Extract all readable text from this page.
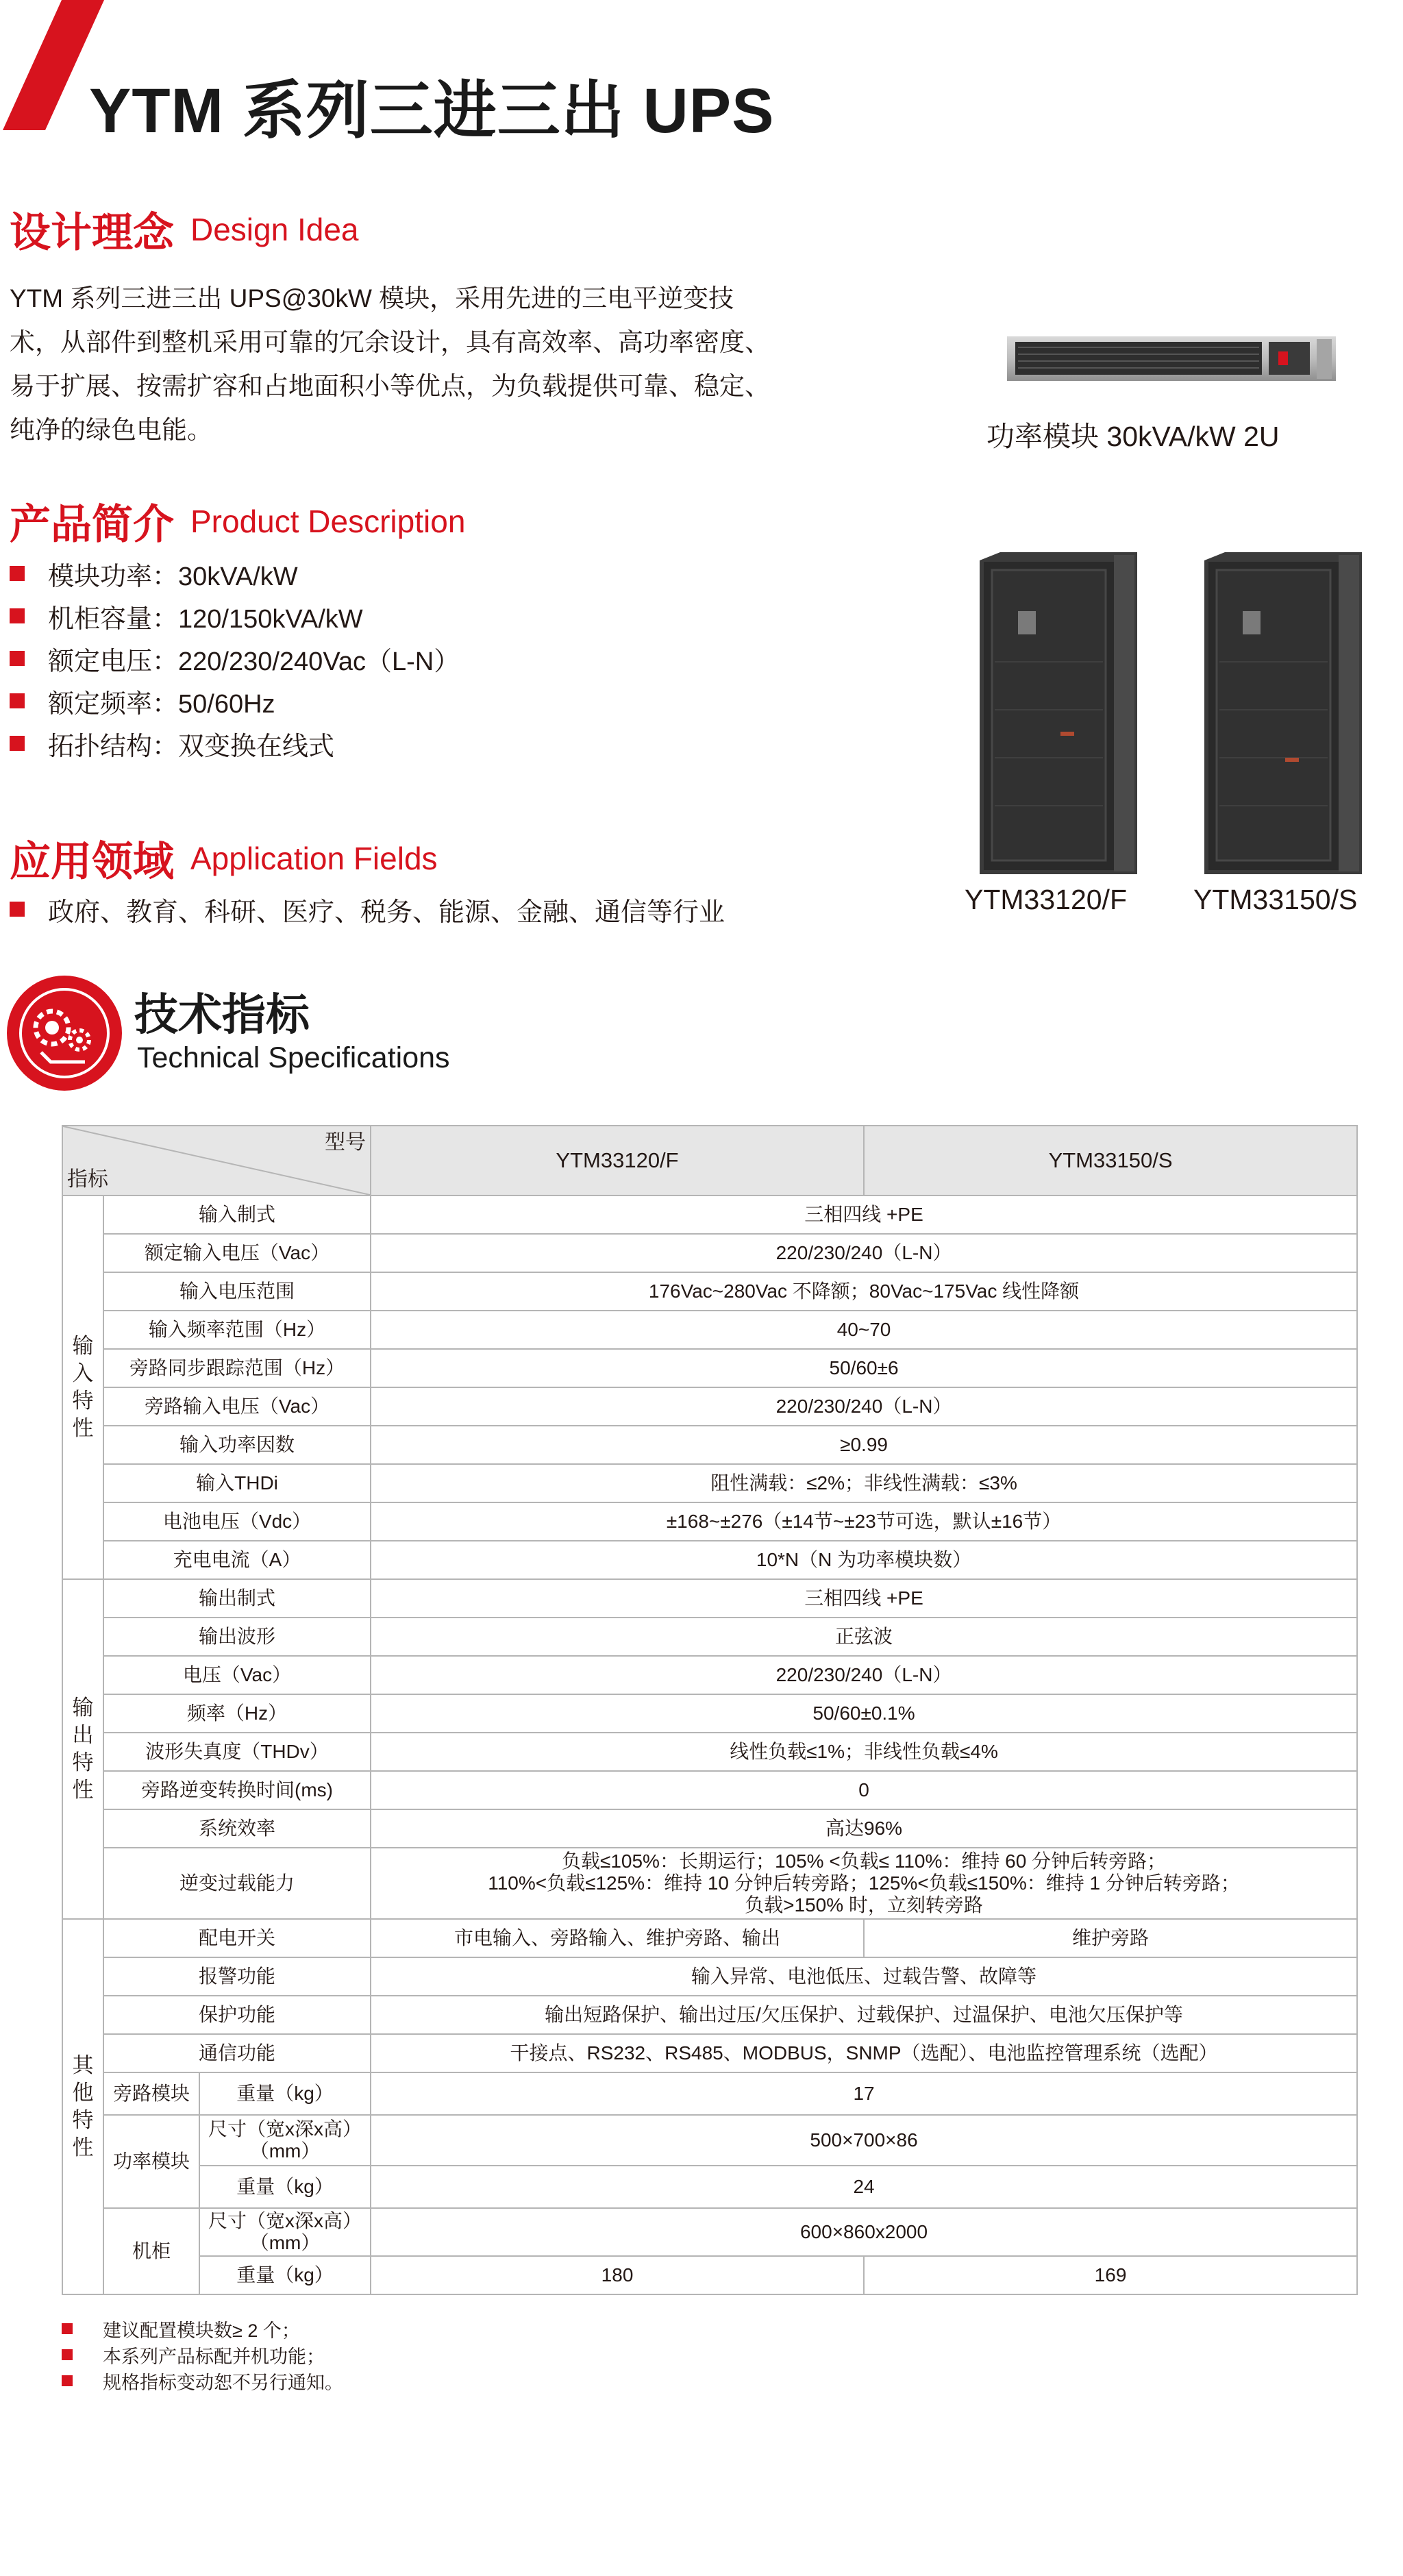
YTM 系列三进三出 UPS
设计理念 Design Idea
YTM 系列三进三出 UPS@30kW 模块，采用先进的三电平逆变技
术，从部件到整机采用可靠的冗余设计，具有高效率、高功率密度、
易于扩展、按需扩容和占地面积小等优点，为负载提供可靠、稳定、
纯净的绿色电能。
产品简介 Product Description
模块功率：30kVA/kW
机柜容量：120/150kVA/kW
额定电压：220/230/240Vac（L-N）
额定频率：50/60Hz
拓扑结构：双变换在线式
应用领域 Application Fields
政府、教育、科研、医疗、税务、能源、金融、通信等行业
功率模块 30kVA/kW 2U
YTM33120/F YTM33150/S
技术指标
Technical Specifications
型号
指标			YTM33120/F	YTM33150/S

输
入
特
性	输入制式		三相四线 +PE	
	额定输入电压（Vac）		220/230/240（L-N）	
	输入电压范围		176Vac~280Vac 不降额；80Vac~175Vac 线性降额	
	输入频率范围（Hz）		40~70	
	旁路同步跟踪范围（Hz）		50/60±6	
	旁路输入电压（Vac）		220/230/240（L-N）	
	输入功率因数		≥0.99	
	输入THDi		阻性满载：≤2%；非线性满载：≤3%	
	电池电压（Vdc）		±168~±276（±14节~±23节可选，默认±16节）	
	充电电流（A）		10*N（N 为功率模块数）	

输
出
特
性	输出制式		三相四线 +PE	
	输出波形		正弦波	
	电压（Vac）		220/230/240（L-N）	
	频率（Hz）		50/60±0.1%	
	波形失真度（THDv）		线性负载≤1%；非线性负载≤4%	
	旁路逆变转换时间(ms)		0	
	系统效率		高达96%	
	逆变过载能力		负载≤105%：长期运行；105% <负载≤ 110%：维持 60 分钟后转旁路；
110%<负载≤125%：维持 10 分钟后转旁路；125%<负载≤150%：维持 1 分钟后转旁路；
负载>150% 时，立刻转旁路	

其
他
特
性	配电开关		市电输入、旁路输入、维护旁路、输出	维护旁路
	报警功能		输入异常、电池低压、过载告警、故障等	
	保护功能		输出短路保护、输出过压/欠压保护、过载保护、过温保护、电池欠压保护等	
	通信功能		干接点、RS232、RS485、MODBUS，SNMP（选配）、电池监控管理系统（选配）	
	旁路模块	重量（kg）	17	
	功率模块	尺寸（宽x深x高）
（mm）	500×700×86	
		重量（kg）	24	
	机柜	尺寸（宽x深x高）
（mm）	600×860x2000	
		重量（kg）	180	169
建议配置模块数≥ 2 个；
本系列产品标配并机功能；
规格指标变动恕不另行通知。
